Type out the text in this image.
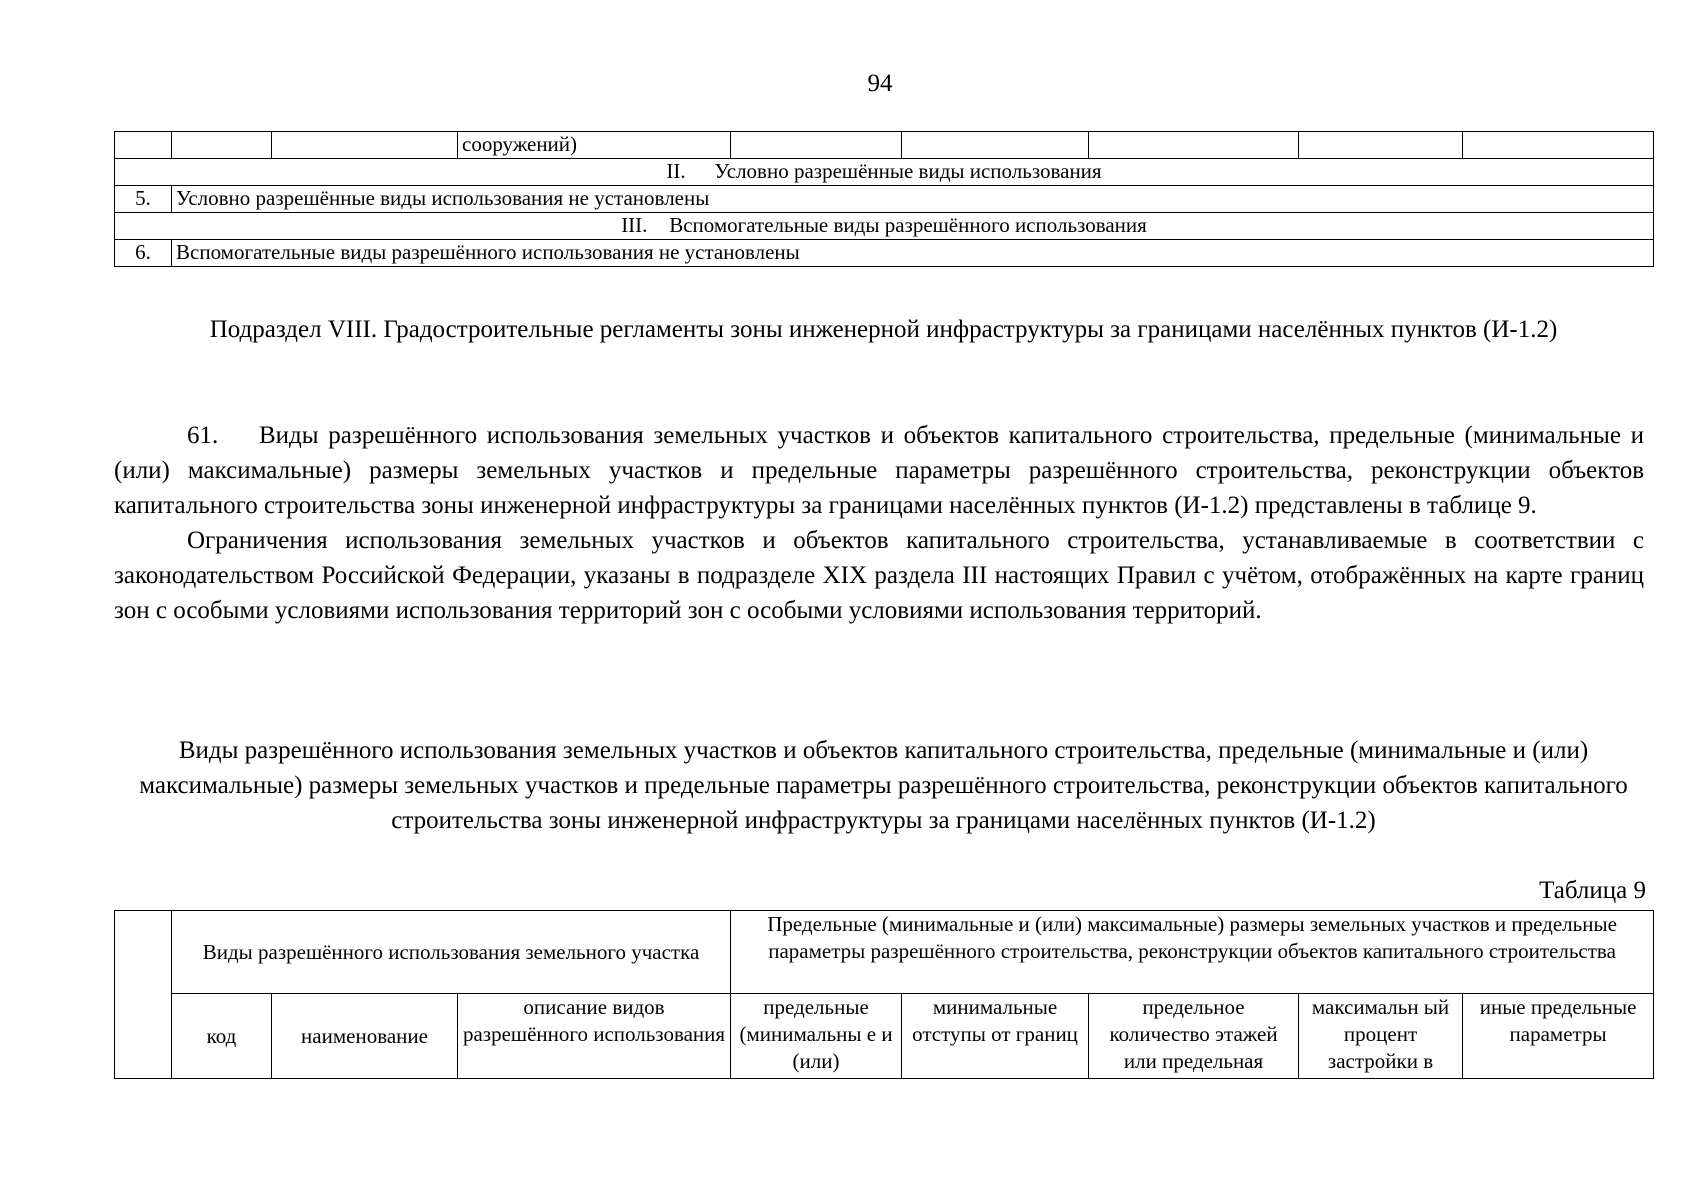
94
			сооружений)					
II. Условно разрешённые виды использования								
5.	Условно разрешённые виды использования не установлены							
III. Вспомогательные виды разрешённого использования								
6.	Вспомогательные виды разрешённого использования не установлены							
Подраздел VIII. Градостроительные регламенты зоны инженерной инфраструктуры за границами населённых пунктов (И-1.2)

61. Виды разрешённого использования земельных участков и объектов капитального строительства, предельные (минимальные и (или) максимальные) размеры земельных участков и предельные параметры разрешённого строительства, реконструкции объектов капитального строительства зоны инженерной инфраструктуры за границами населённых пунктов (И-1.2) представлены в таблице 9.

Ограничения использования земельных участков и объектов капитального строительства, устанавливаемые в соответствии с законодательством Российской Федерации, указаны в подразделе XIX раздела III настоящих Правил с учётом, отображённых на карте границ зон с особыми условиями использования территорий зон с особыми условиями использования территорий.

Виды разрешённого использования земельных участков и объектов капитального строительства, предельные (минимальные и (или) максимальные) размеры земельных участков и предельные параметры разрешённого строительства, реконструкции объектов капитального строительства зоны инженерной инфраструктуры за границами населённых пунктов (И-1.2)
Таблица 9
	Виды разрешённого использования земельного участка			Предельные (минимальные и (или) максимальные) размеры земельных участков и предельные параметры разрешённого строительства, реконструкции объектов капитального строительства				
	код	наименование	описание видов разрешённого использования	предельные (минимальны е и (или)	минимальные отступы от границ	предельное количество этажей или предельная	максимальн ый процент застройки в	иные предельные параметры
